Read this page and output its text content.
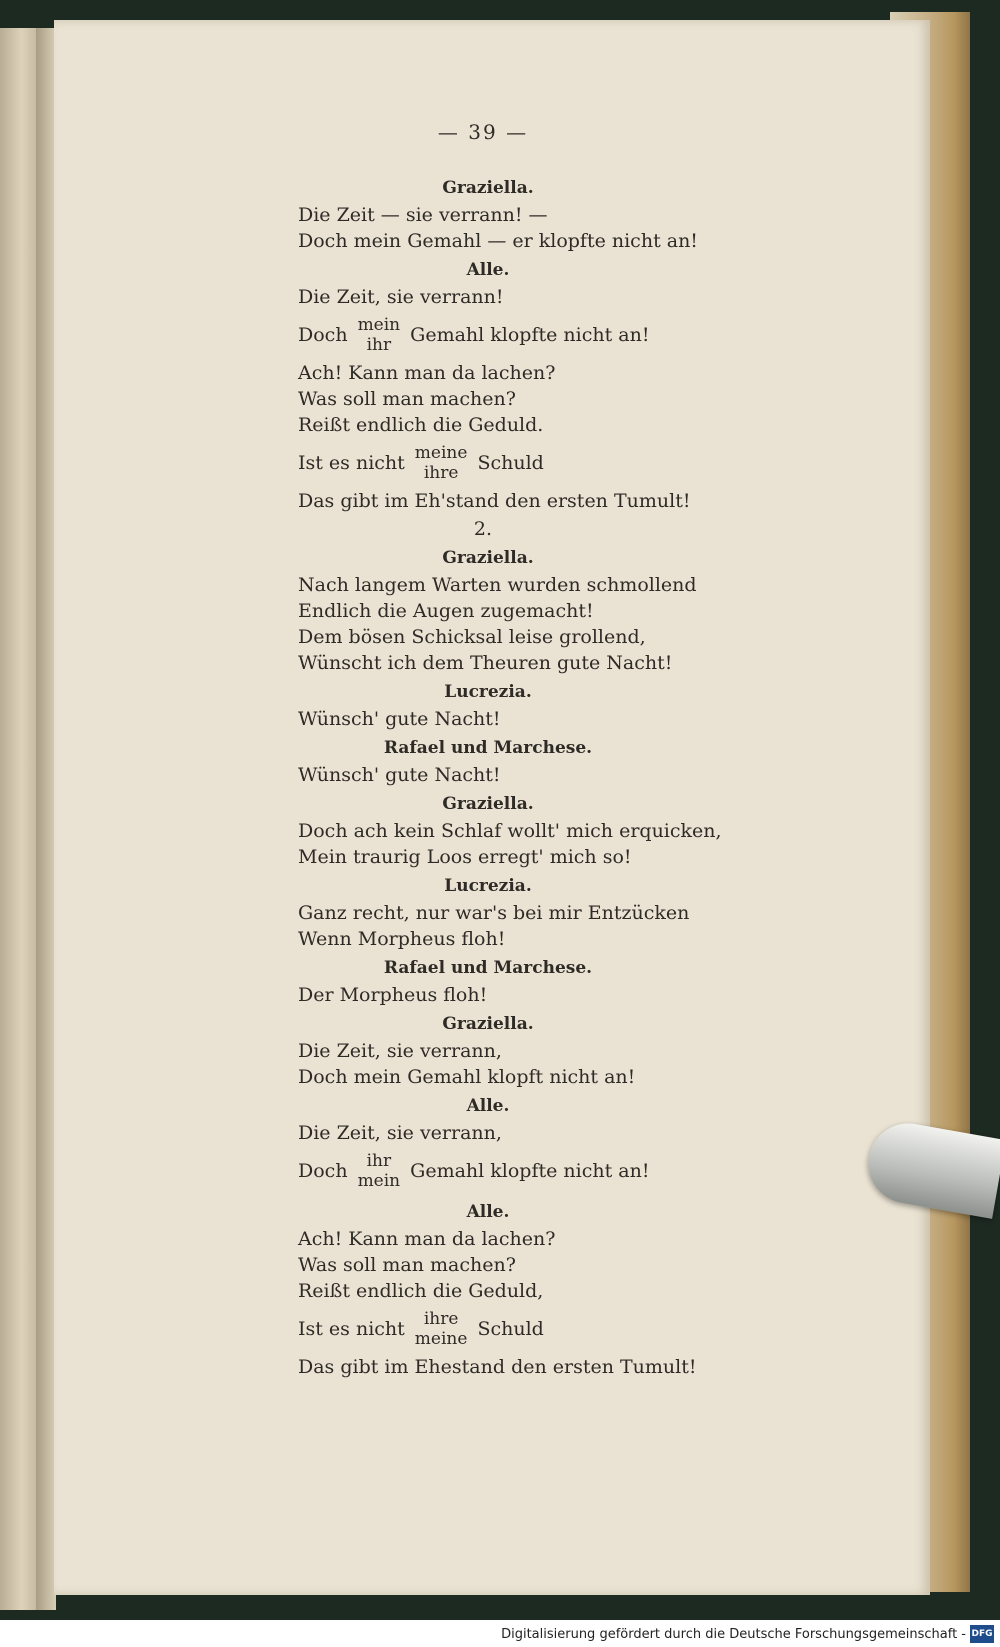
— 39 —
Graziella.
Die Zeit — sie verrann! —
Doch mein Gemahl — er klopfte nicht an!
Alle.
Die Zeit, sie verrann!
Doch mein
ihr Gemahl klopfte nicht an!
Ach! Kann man da lachen?
Was soll man machen?
Reißt endlich die Geduld.
Ist es nicht meine
ihre Schuld
Das gibt im Eh'stand den ersten Tumult!
2.
Graziella.
Nach langem Warten wurden schmollend
Endlich die Augen zugemacht!
Dem bösen Schicksal leise grollend,
Wünscht ich dem Theuren gute Nacht!
Lucrezia.
Wünsch' gute Nacht!
Rafael und Marchese.
Wünsch' gute Nacht!
Graziella.
Doch ach kein Schlaf wollt' mich erquicken,
Mein traurig Loos erregt' mich so!
Lucrezia.
Ganz recht, nur war's bei mir Entzücken
Wenn Morpheus floh!
Rafael und Marchese.
Der Morpheus floh!
Graziella.
Die Zeit, sie verrann,
Doch mein Gemahl klopft nicht an!
Alle.
Die Zeit, sie verrann,
Doch ihr
mein Gemahl klopfte nicht an!
Alle.
Ach! Kann man da lachen?
Was soll man machen?
Reißt endlich die Geduld,
Ist es nicht ihre
meine Schuld
Das gibt im Ehestand den ersten Tumult!
Digitalisierung gefördert durch die Deutsche Forschungsgemeinschaft - DFG
